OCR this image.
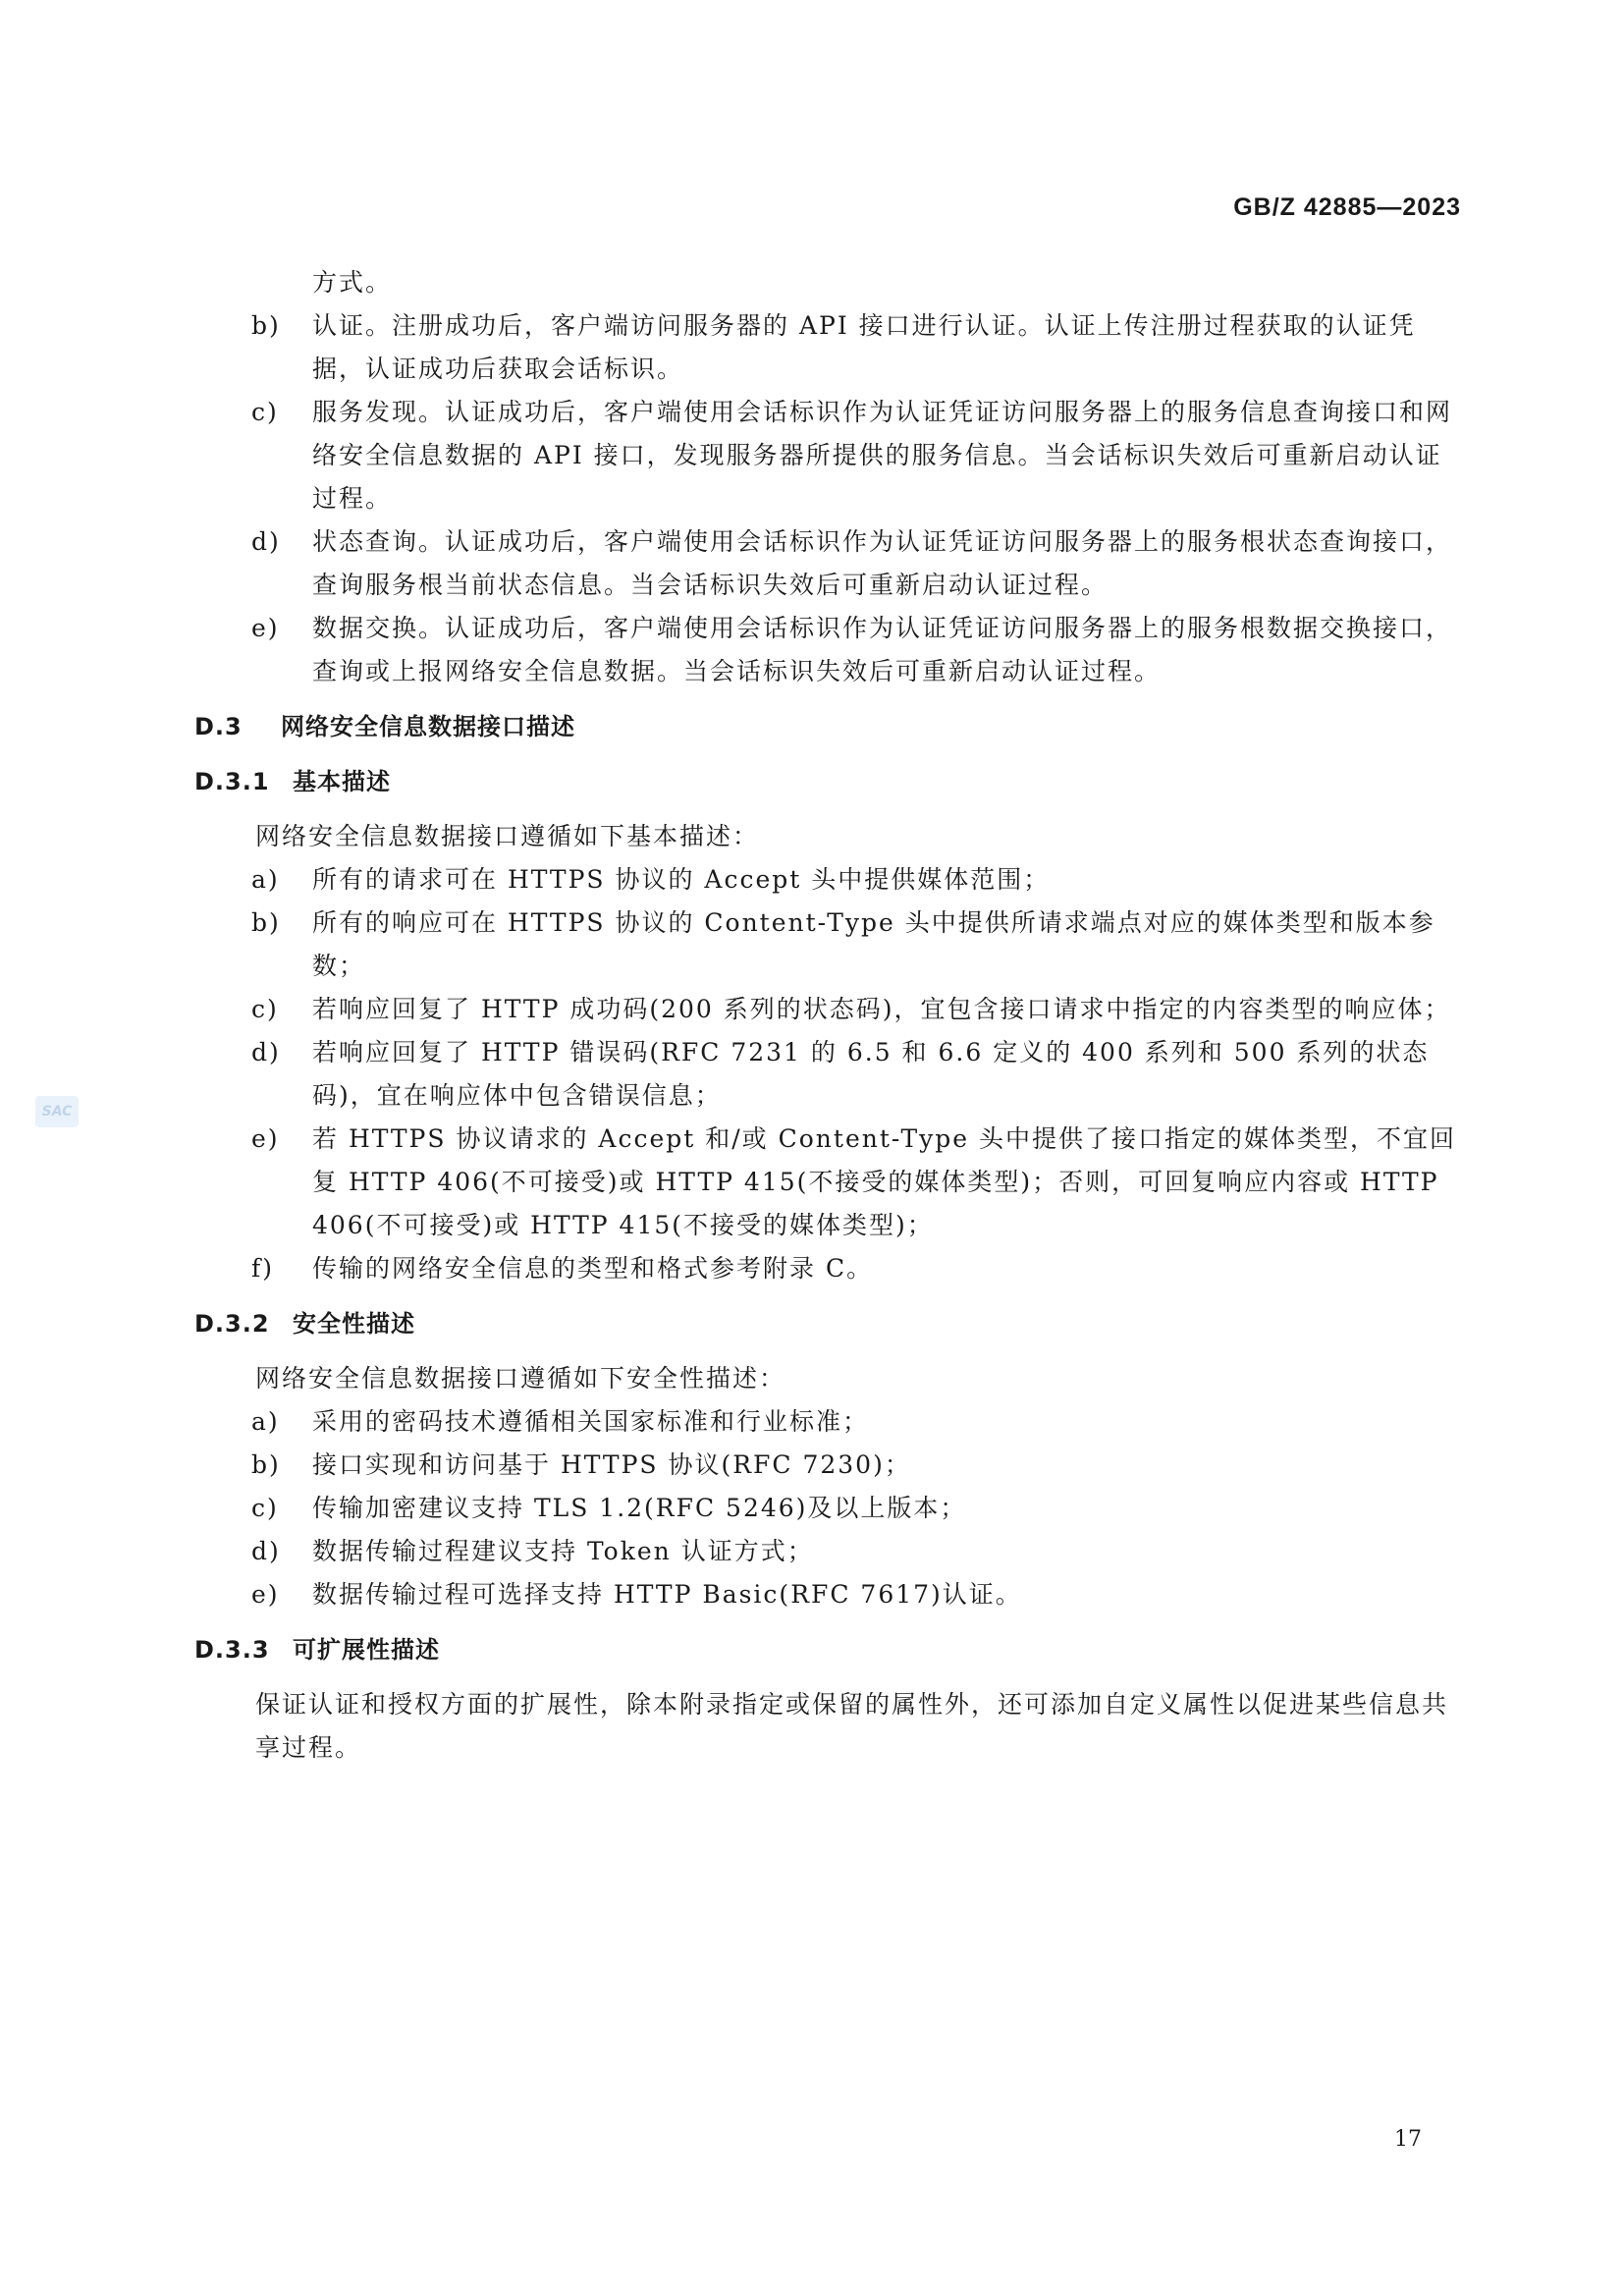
GB/Z 42885—2023
SAC

方式。

b)	认证。注册成功后，客户端访问服务器的 API 接口进行认证。认证上传注册过程获取的认证凭据，认证成功后获取会话标识。
c)	服务发现。认证成功后，客户端使用会话标识作为认证凭证访问服务器上的服务信息查询接口和网络安全信息数据的 API 接口，发现服务器所提供的服务信息。当会话标识失效后可重新启动认证过程。
d)	状态查询。认证成功后，客户端使用会话标识作为认证凭证访问服务器上的服务根状态查询接口，查询服务根当前状态信息。当会话标识失效后可重新启动认证过程。
e)	数据交换。认证成功后，客户端使用会话标识作为认证凭证访问服务器上的服务根数据交换接口，查询或上报网络安全信息数据。当会话标识失效后可重新启动认证过程。
D.3 网络安全信息数据接口描述
D.3.1 基本描述

网络安全信息数据接口遵循如下基本描述：

a)	所有的请求可在 HTTPS 协议的 Accept 头中提供媒体范围；
b)	所有的响应可在 HTTPS 协议的 Content-Type 头中提供所请求端点对应的媒体类型和版本参数；
c)	若响应回复了 HTTP 成功码(200 系列的状态码)，宜包含接口请求中指定的内容类型的响应体；
d)	若响应回复了 HTTP 错误码(RFC 7231 的 6.5 和 6.6 定义的 400 系列和 500 系列的状态码)，宜在响应体中包含错误信息；
e)	若 HTTPS 协议请求的 Accept 和/或 Content-Type 头中提供了接口指定的媒体类型，不宜回复 HTTP 406(不可接受)或 HTTP 415(不接受的媒体类型)；否则，可回复响应内容或 HTTP 406(不可接受)或 HTTP 415(不接受的媒体类型)；
f)	传输的网络安全信息的类型和格式参考附录 C。
D.3.2 安全性描述

网络安全信息数据接口遵循如下安全性描述：

a)	采用的密码技术遵循相关国家标准和行业标准；
b)	接口实现和访问基于 HTTPS 协议(RFC 7230)；
c)	传输加密建议支持 TLS 1.2(RFC 5246)及以上版本；
d)	数据传输过程建议支持 Token 认证方式；
e)	数据传输过程可选择支持 HTTP Basic(RFC 7617)认证。
D.3.3 可扩展性描述

保证认证和授权方面的扩展性，除本附录指定或保留的属性外，还可添加自定义属性以促进某些信息共享过程。

17
